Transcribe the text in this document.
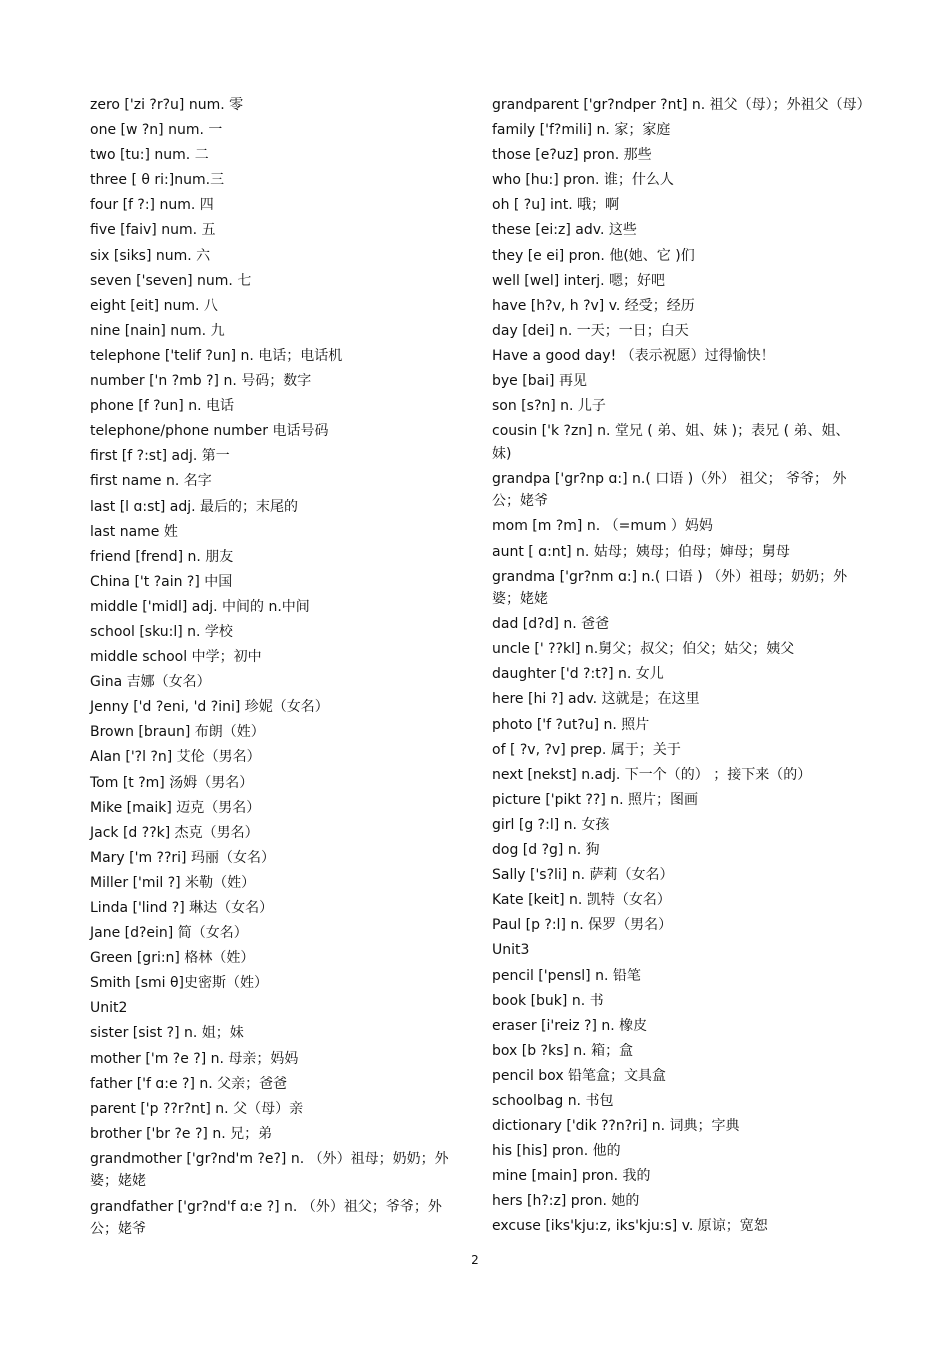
zero ['zi ?r?u] num. 零
one [w ?n] num. 一
two [tu:] num. 二
three [ θ ri:]num.三
four [f ?:] num. 四
five [faiv] num. 五
six [siks] num. 六
seven ['seven] num. 七
eight [eit] num. 八
nine [nain] num. 九
telephone ['telif ?un] n. 电话；电话机
number ['n ?mb ?] n. 号码；数字
phone [f ?un] n. 电话
telephone/phone number 电话号码
first [f ?:st] adj. 第一
first name n. 名字
last [l ɑ:st] adj. 最后的；末尾的
last name 姓
friend [frend] n. 朋友
China ['t ?ain ?] 中国
middle ['midl] adj. 中间的 n.中间
school [sku:l] n. 学校
middle school 中学；初中
Gina 吉娜（女名）
Jenny ['d ?eni, 'd ?ini] 珍妮（女名）
Brown [braun] 布朗（姓）
Alan ['?l ?n] 艾伦（男名）
Tom [t ?m] 汤姆（男名）
Mike [maik] 迈克（男名）
Jack [d ??k] 杰克（男名）
Mary ['m ??ri] 玛丽（女名）
Miller ['mil ?] 米勒（姓）
Linda ['lind ?] 琳达（女名）
Jane [d?ein] 简（女名）
Green [gri:n] 格林（姓）
Smith [smi θ]史密斯（姓）
Unit2
sister [sist ?] n. 姐；妹
mother ['m ?e ?] n. 母亲；妈妈
father ['f ɑ:e ?] n. 父亲；爸爸
parent ['p ??r?nt] n. 父（母）亲
brother ['br ?e ?] n. 兄；弟
grandmother ['gr?nd'm ?e?] n. （外）祖母；奶奶；外婆；姥姥
grandfather ['gr?nd'f ɑ:e ?] n. （外）祖父；爷爷；外公；姥爷
grandparent ['gr?ndper ?nt] n. 祖父（母）；外祖父（母）
family ['f?mili] n. 家；家庭
those [e?uz] pron. 那些
who [hu:] pron. 谁；什么人
oh [ ?u] int. 哦；啊
these [ei:z] adv. 这些
they [e ei] pron. 他(她、它 )们
well [wel] interj. 嗯；好吧
have [h?v, h ?v] v. 经受；经历
day [dei] n. 一天；一日；白天
Have a good day! （表示祝愿）过得愉快！
bye [bai] 再见
son [s?n] n. 儿子
cousin ['k ?zn] n. 堂兄 ( 弟、姐、妹 )；表兄 ( 弟、姐、妹)
grandpa ['gr?np ɑ:] n.( 口语 )（外） 祖父； 爷爷； 外公；姥爷
mom [m ?m] n. （=mum ）妈妈
aunt [ ɑ:nt] n. 姑母；姨母；伯母；婶母；舅母
grandma ['gr?nm ɑ:] n.( 口语 ) （外）祖母；奶奶；外婆；姥姥
dad [d?d] n. 爸爸
uncle [' ??kl] n.舅父；叔父；伯父；姑父；姨父
daughter ['d ?:t?] n. 女儿
here [hi ?] adv. 这就是；在这里
photo ['f ?ut?u] n. 照片
of [ ?v, ?v] prep. 属于；关于
next [nekst] n.adj. 下一个（的） ；接下来（的）
picture ['pikt ??] n. 照片；图画
girl [g ?:l] n. 女孩
dog [d ?g] n. 狗
Sally ['s?li] n. 萨莉（女名）
Kate [keit] n. 凯特（女名）
Paul [p ?:l] n. 保罗（男名）
Unit3
pencil ['pensl] n. 铅笔
book [buk] n. 书
eraser [i'reiz ?] n. 橡皮
box [b ?ks] n. 箱；盒
pencil box 铅笔盒；文具盒
schoolbag n. 书包
dictionary ['dik ??n?ri] n. 词典；字典
his [his] pron. 他的
mine [main] pron. 我的
hers [h?:z] pron. 她的
excuse [iks'kju:z, iks'kju:s] v. 原谅；宽恕
2
